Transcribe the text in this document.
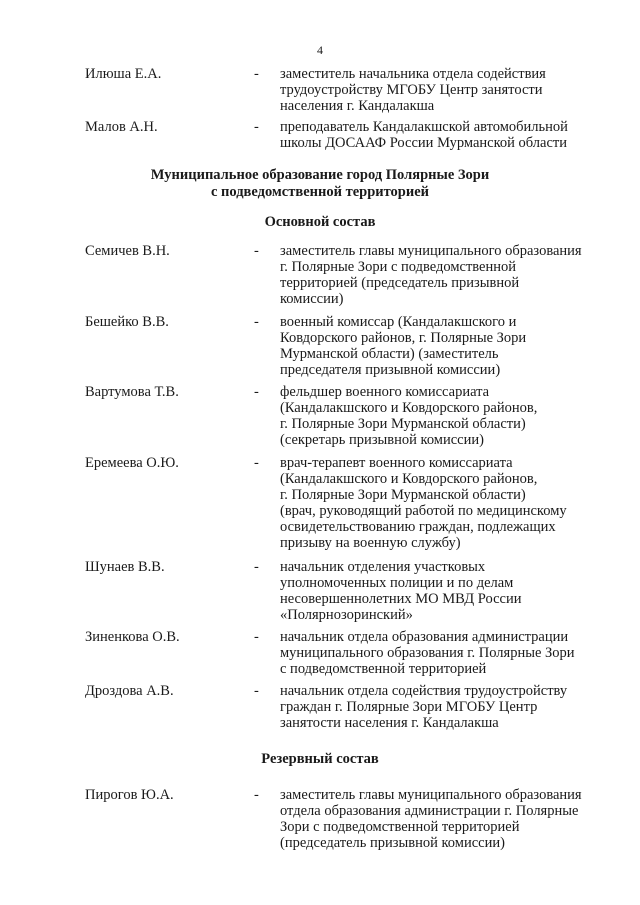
4
Илюша Е.А.	- заместитель начальника отдела содействия
трудоустройству МГОБУ Центр занятости
населения г. Кандалакша
Малов А.Н.	- преподаватель Кандалакшской автомобильной
школы ДОСААФ России Мурманской области
Муниципальное образование город Полярные Зори
с подведомственной территорией
Основной состав
Семичев В.Н.	- заместитель главы муниципального образования
г. Полярные Зори с подведомственной
территорией (председатель призывной
комиссии)
Бешейко В.В.	- военный комиссар (Кандалакшского и
Ковдорского районов, г. Полярные Зори
Мурманской области) (заместитель
председателя призывной комиссии)
Вартумова Т.В.	- фельдшер военного комиссариата
(Кандалакшского и Ковдорского районов,
г. Полярные Зори Мурманской области)
(секретарь призывной комиссии)
Еремеева О.Ю.	- врач-терапевт военного комиссариата
(Кандалакшского и Ковдорского районов,
г. Полярные Зори Мурманской области)
(врач, руководящий работой по медицинскому
освидетельствованию граждан, подлежащих
призыву на военную службу)
Шунаев В.В.	- начальник отделения участковых
уполномоченных полиции и по делам
несовершеннолетних МО МВД России
«Полярнозоринский»
Зиненкова О.В.	- начальник отдела образования администрации
муниципального образования г. Полярные Зори
с подведомственной территорией
Дроздова А.В.	- начальник отдела содействия трудоустройству
граждан г. Полярные Зори МГОБУ Центр
занятости населения г. Кандалакша
Резервный состав
Пирогов Ю.А.	- заместитель главы муниципального образования
отдела образования администрации г. Полярные
Зори с подведомственной территорией
(председатель призывной комиссии)
